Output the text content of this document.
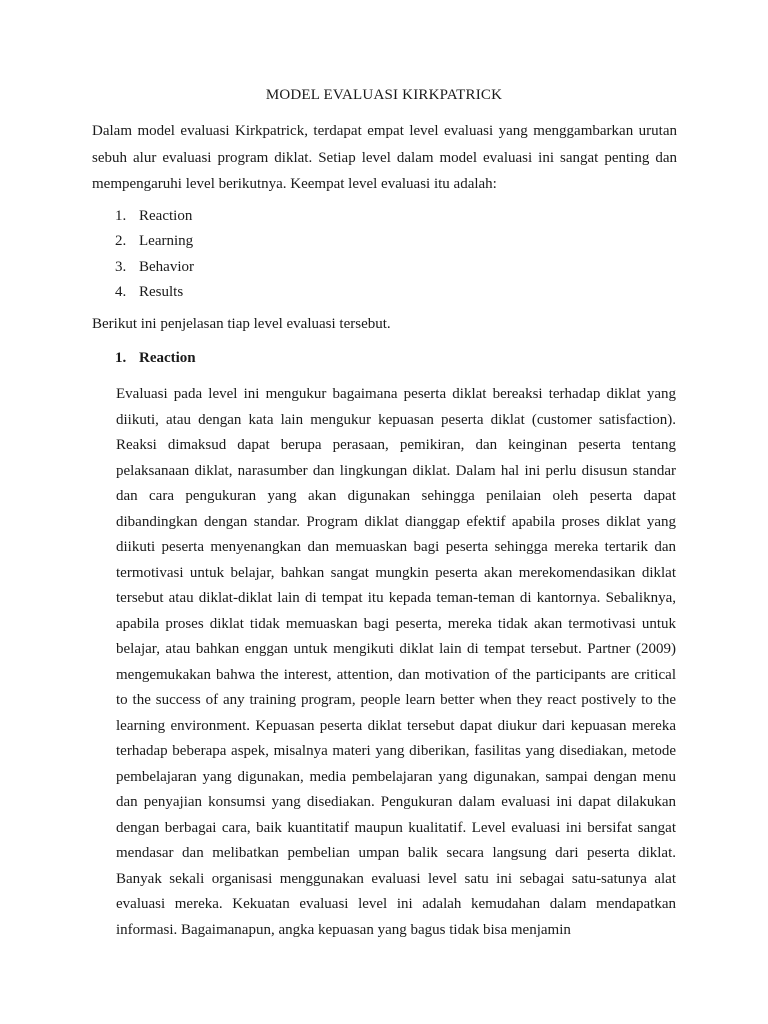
MODEL EVALUASI KIRKPATRICK

Dalam model evaluasi Kirkpatrick, terdapat empat level evaluasi yang menggambarkan urutan sebuh alur evaluasi program diklat. Setiap level dalam model evaluasi ini sangat penting dan mempengaruhi level berikutnya. Keempat level evaluasi itu adalah:

1. Reaction
2. Learning
3. Behavior
4. Results

Berikut ini penjelasan tiap level evaluasi tersebut.

1. Reaction

Evaluasi pada level ini mengukur bagaimana peserta diklat bereaksi terhadap diklat yang diikuti, atau dengan kata lain mengukur kepuasan peserta diklat (customer satisfaction). Reaksi dimaksud dapat berupa perasaan, pemikiran, dan keinginan peserta tentang pelaksanaan diklat, narasumber dan lingkungan diklat. Dalam hal ini perlu disusun standar dan cara pengukuran yang akan digunakan sehingga penilaian oleh peserta dapat dibandingkan dengan standar. Program diklat dianggap efektif apabila proses diklat yang diikuti peserta menyenangkan dan memuaskan bagi peserta sehingga mereka tertarik dan termotivasi untuk belajar, bahkan sangat mungkin peserta akan merekomendasikan diklat tersebut atau diklat-diklat lain di tempat itu kepada teman-teman di kantornya. Sebaliknya, apabila proses diklat tidak memuaskan bagi peserta, mereka tidak akan termotivasi untuk belajar, atau bahkan enggan untuk mengikuti diklat lain di tempat tersebut. Partner (2009) mengemukakan bahwa the interest, attention, dan motivation of the participants are critical to the success of any training program, people learn better when they react postively to the learning environment. Kepuasan peserta diklat tersebut dapat diukur dari kepuasan mereka terhadap beberapa aspek, misalnya materi yang diberikan, fasilitas yang disediakan, metode pembelajaran yang digunakan, media pembelajaran yang digunakan, sampai dengan menu dan penyajian konsumsi yang disediakan. Pengukuran dalam evaluasi ini dapat dilakukan dengan berbagai cara, baik kuantitatif maupun kualitatif. Level evaluasi ini bersifat sangat mendasar dan melibatkan pembelian umpan balik secara langsung dari peserta diklat. Banyak sekali organisasi menggunakan evaluasi level satu ini sebagai satu-satunya alat evaluasi mereka. Kekuatan evaluasi level ini adalah kemudahan dalam mendapatkan informasi. Bagaimanapun, angka kepuasan yang bagus tidak bisa menjamin
